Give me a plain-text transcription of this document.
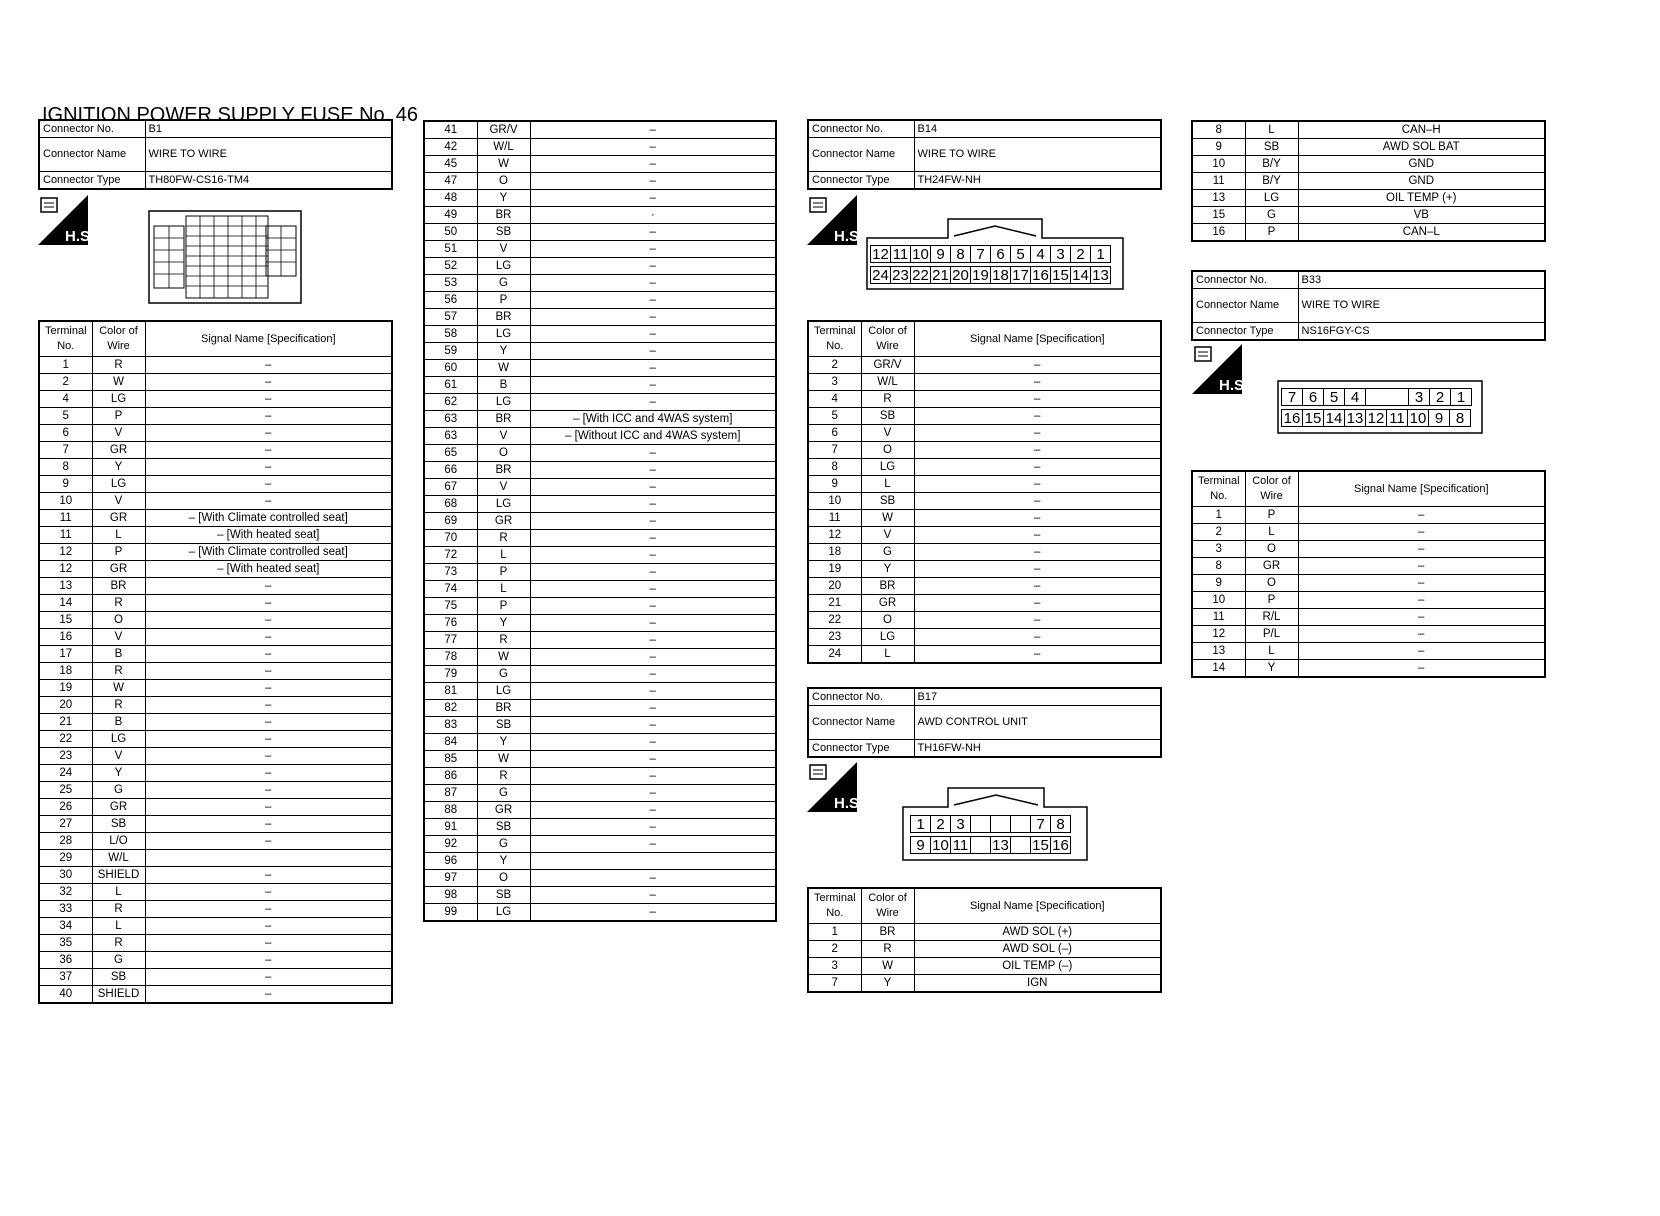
IGNITION POWER SUPPLY FUSE No. 46
Connector No.	B1
Connector Name	WIRE TO WIRE
Connector Type	TH80FW-CS16-TM4
H.S.
Terminal No.	Color of Wire	Signal Name [Specification]
1	R	–
2	W	–
4	LG	–
5	P	–
6	V	–
7	GR	–
8	Y	–
9	LG	–
10	V	–
11	GR	– [With Climate controlled seat]
11	L	– [With heated seat]
12	P	– [With Climate controlled seat]
12	GR	– [With heated seat]
13	BR	–
14	R	–
15	O	–
16	V	–
17	B	–
18	R	–
19	W	–
20	R	–
21	B	–
22	LG	–
23	V	–
24	Y	–
25	G	–
26	GR	–
27	SB	–
28	L/O	–
29	W/L	
30	SHIELD	–
32	L	–
33	R	–
34	L	–
35	R	–
36	G	–
37	SB	–
40	SHIELD	–
41	GR/V	–
42	W/L	–
45	W	–
47	O	–
48	Y	–
49	BR	·
50	SB	–
51	V	–
52	LG	–
53	G	–
56	P	–
57	BR	–
58	LG	–
59	Y	–
60	W	–
61	B	–
62	LG	–
63	BR	– [With ICC and 4WAS system]
63	V	– [Without ICC and 4WAS system]
65	O	–
66	BR	–
67	V	–
68	LG	–
69	GR	–
70	R	–
72	L	–
73	P	–
74	L	–
75	P	–
76	Y	–
77	R	–
78	W	–
79	G	–
81	LG	–
82	BR	–
83	SB	–
84	Y	–
85	W	–
86	R	–
87	G	–
88	GR	–
91	SB	–
92	G	–
96	Y	
97	O	–
98	SB	–
99	LG	–
Connector No.	B14
Connector Name	WIRE TO WIRE
Connector Type	TH24FW-NH
H.S.
12 11 10 9 8 7 6 5 4 3 2 1
24 23 22 21 20 19 18 17 16 15 14 13
Terminal No.	Color of Wire	Signal Name [Specification]
2	GR/V	–
3	W/L	–
4	R	–
5	SB	–
6	V	–
7	O	–
8	LG	–
9	L	–
10	SB	–
11	W	–
12	V	–
18	G	–
19	Y	–
20	BR	–
21	GR	–
22	O	–
23	LG	–
24	L	–
Connector No.	B17
Connector Name	AWD CONTROL UNIT
Connector Type	TH16FW-NH
H.S.
1 2 3	7 8
9 10 11 13 15 16
Terminal No.	Color of Wire	Signal Name [Specification]
1	BR	AWD SOL (+)
2	R	AWD SOL (–)
3	W	OIL TEMP (–)
7	Y	IGN
8	L	CAN–H
9	SB	AWD SOL BAT
10	B/Y	GND
11	B/Y	GND
13	LG	OIL TEMP (+)
15	G	VB
16	P	CAN–L
Connector No.	B33
Connector Name	WIRE TO WIRE
Connector Type	NS16FGY-CS
H.S.
7 6 5 4	3 2 1
16 15 14 13 12 11 10 9 8
Terminal No.	Color of Wire	Signal Name [Specification]
1	P	–
2	L	–
3	O	–
8	GR	–
9	O	–
10	P	–
11	R/L	–
12	P/L	–
13	L	–
14	Y	–
